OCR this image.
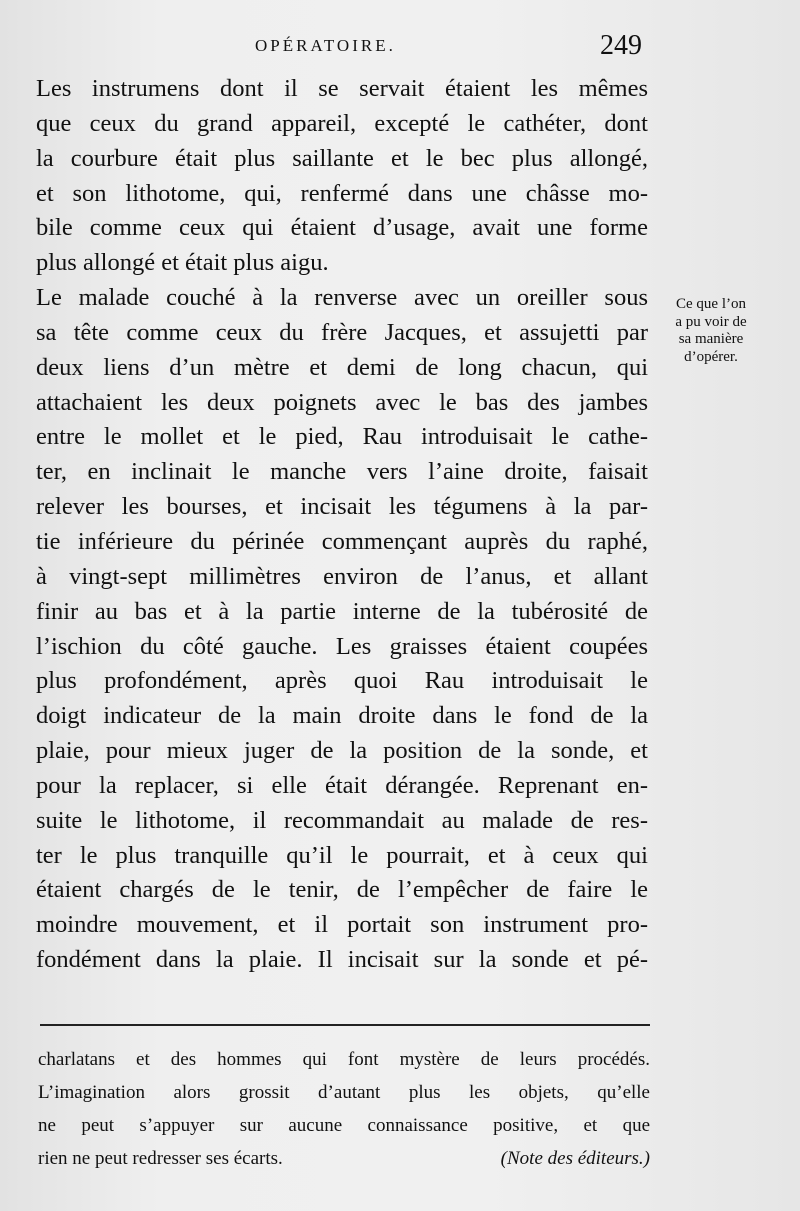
OPÉRATOIRE.	249

Les instrumens dont il se servait étaient les mêmes

que ceux du grand appareil, excepté le cathéter, dont

la courbure était plus saillante et le bec plus allongé,

et son lithotome, qui, renfermé dans une châsse mo-

bile comme ceux qui étaient d’usage, avait une forme

plus allongé et était plus aigu.

Le malade couché à la renverse avec un oreiller sous

sa tête comme ceux du frère Jacques, et assujetti par

deux liens d’un mètre et demi de long chacun, qui

attachaient les deux poignets avec le bas des jambes

entre le mollet et le pied, Rau introduisait le cathe-

ter, en inclinait le manche vers l’aine droite, faisait

relever les bourses, et incisait les tégumens à la par-

tie inférieure du périnée commençant auprès du raphé,

à vingt-sept millimètres environ de l’anus, et allant

finir au bas et à la partie interne de la tubérosité de

l’ischion du côté gauche. Les graisses étaient coupées

plus profondément, après quoi Rau introduisait le

doigt indicateur de la main droite dans le fond de la

plaie, pour mieux juger de la position de la sonde, et

pour la replacer, si elle était dérangée. Reprenant en-

suite le lithotome, il recommandait au malade de res-

ter le plus tranquille qu’il le pourrait, et à ceux qui

étaient chargés de le tenir, de l’empêcher de faire le

moindre mouvement, et il portait son instrument pro-

fondément dans la plaie. Il incisait sur la sonde et pé-

Ce que l’on
a pu voir de
sa manière
d’opérer.

charlatans et des hommes qui font mystère de leurs procédés.

L’imagination alors grossit d’autant plus les objets, qu’elle

ne peut s’appuyer sur aucune connaissance positive, et que

rien ne peut redresser ses écarts.	(Note des éditeurs.)
